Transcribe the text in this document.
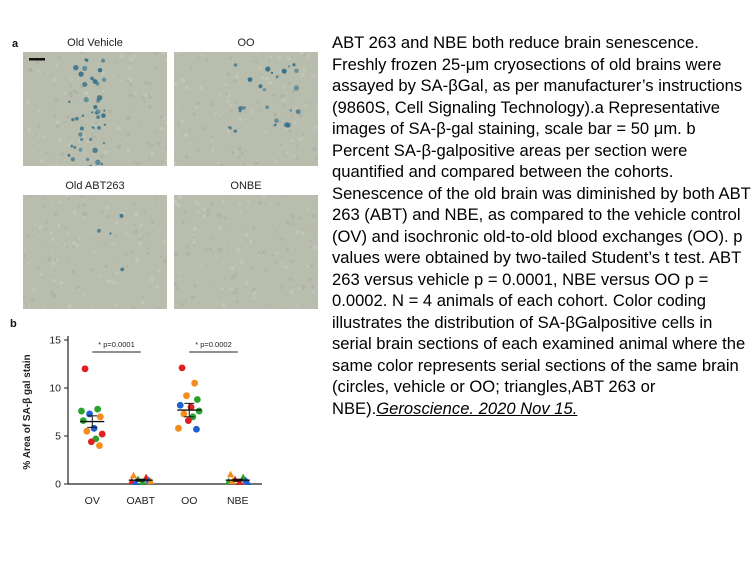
a	Old Vehicle	OO
Old ABT263	ONBE
b
0
5
10
15
% Area of SA-β gal stain
OV	OABT OO	NBE
* p=0.0001	* p=0.0002
ABT 263 and NBE both reduce brain senescence. Freshly frozen 25-μm cryosections of old brains were assayed by SA-βGal, as per manufacturer’s instructions (9860S, Cell Signaling Technology).a Representative images of SA-β-gal staining, scale bar = 50 μm. b Percent SA-β-galpositive areas per section were quantified and compared between the cohorts. Senescence of the old brain was diminished by both ABT 263 (ABT) and NBE, as compared to the vehicle control (OV) and isochronic old-to-old blood exchanges (OO). p values were obtained by two-tailed Student’s t test. ABT 263 versus vehicle p = 0.0001, NBE versus OO p = 0.0002. N = 4 animals of each cohort. Color coding illustrates the distribution of SA-βGalpositive cells in serial brain sections of each examined animal where the same color represents serial sections of the same brain (circles, vehicle or OO; triangles,ABT 263 or NBE).Geroscience. 2020 Nov 15.
